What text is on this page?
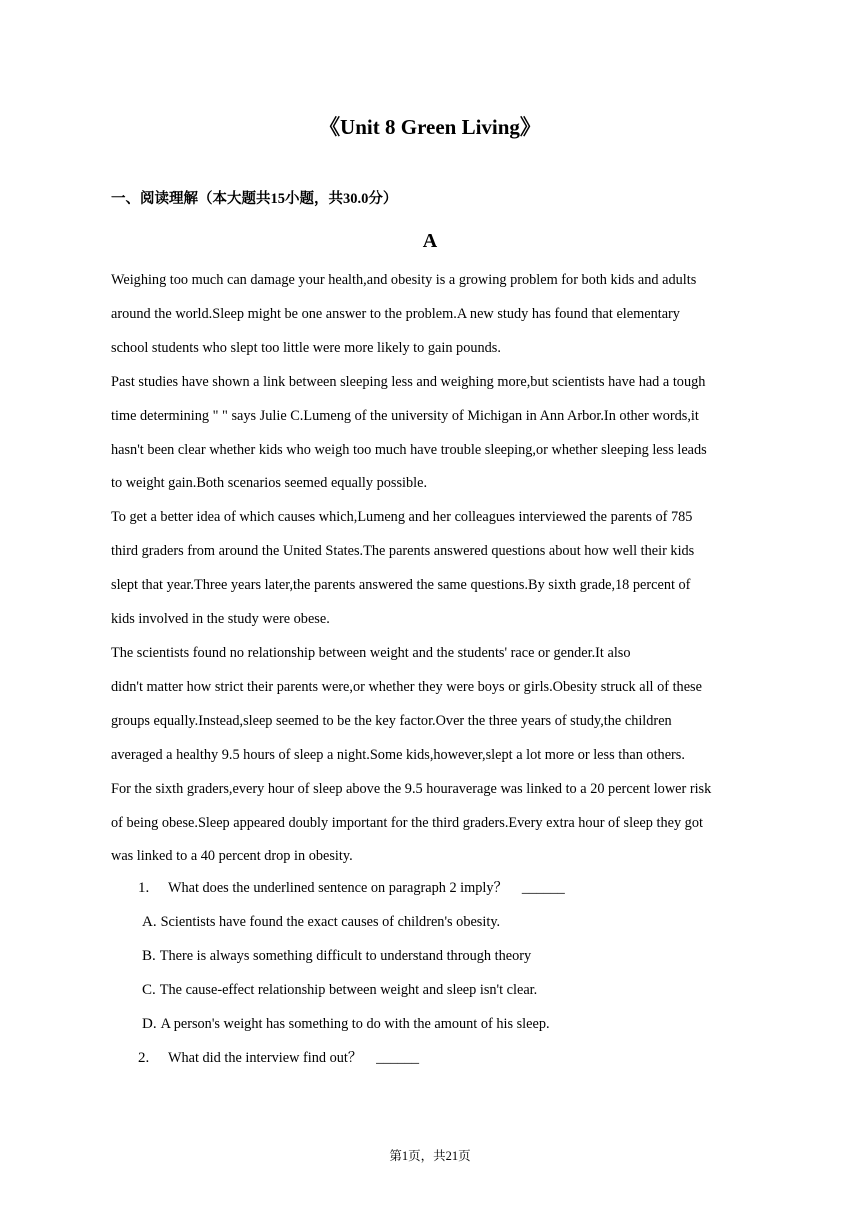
《Unit 8 Green Living》
一、阅读理解（本大题共15小题，共30.0分）
A

Weighing too much can damage your health,and obesity is a growing problem for both kids and adults

around the world.Sleep might be one answer to the problem.A new study has found that elementary

school students who slept too little were more likely to gain pounds.

Past studies have shown a link between sleeping less and weighing more,but scientists have had a tough

time determining " " says Julie C.Lumeng of the university of Michigan in Ann Arbor.In other words,it

hasn't been clear whether kids who weigh too much have trouble sleeping,or whether sleeping less leads

to weight gain.Both scenarios seemed equally possible.

To get a better idea of which causes which,Lumeng and her colleagues interviewed the parents of 785

third graders from around the United States.The parents answered questions about how well their kids

slept that year.Three years later,the parents answered the same questions.By sixth grade,18 percent of

kids involved in the study were obese.

The scientists found no relationship between weight and the students' race or gender.It also

didn't matter how strict their parents were,or whether they were boys or girls.Obesity struck all of these

groups equally.Instead,sleep seemed to be the key factor.Over the three years of study,the children

averaged a healthy 9.5 hours of sleep a night.Some kids,however,slept a lot more or less than others.

For the sixth graders,every hour of sleep above the 9.5 houraverage was linked to a 20 percent lower risk

of being obese.Sleep appeared doubly important for the third graders.Every extra hour of sleep they got

was linked to a 40 percent drop in obesity.

1.	What does the underlined sentence on paragraph 2 imply？ ______
A. Scientists have found the exact causes of children's obesity.
B. There is always something difficult to understand through theory
C. The cause-effect relationship between weight and sleep isn't clear.
D. A person's weight has something to do with the amount of his sleep.
2.	What did the interview find out？ ______
第1页，共21页
